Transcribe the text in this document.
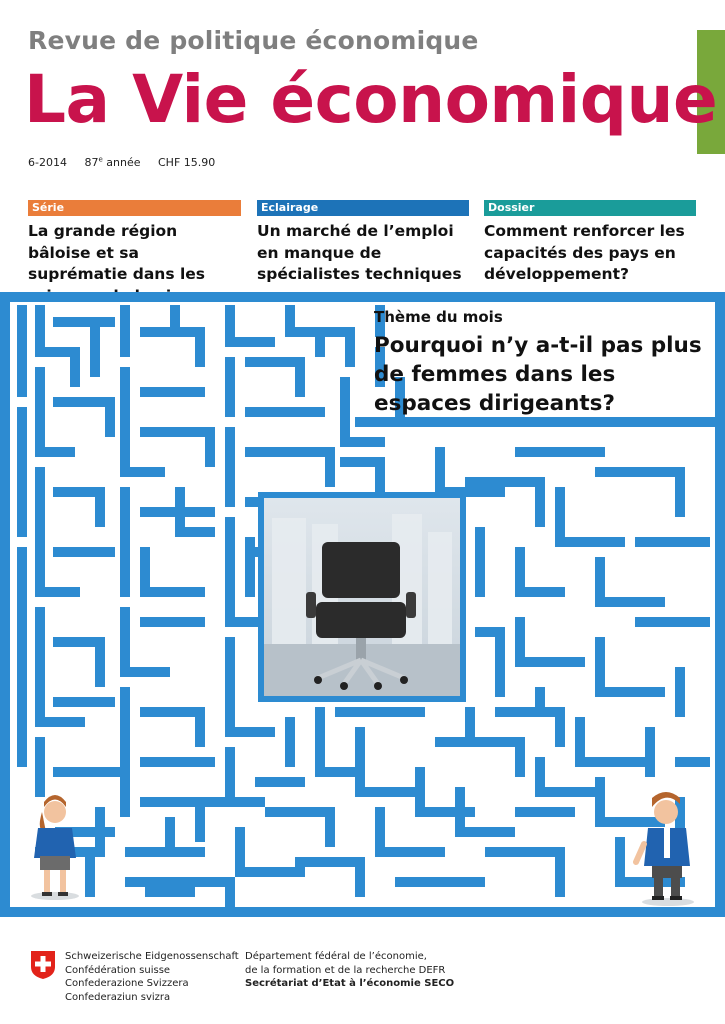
Revue de politique économique
La Vie économique
6-2014 87e année CHF 15.90
Série
La grande région bâloise et sa suprématie dans les sciences de la vie
Eclairage
Un marché de l’emploi en manque de spécialistes techniques
Dossier
Comment renforcer les capacités des pays en développement?
Thème du mois
Pourquoi n’y a-t-il pas plus de femmes dans les espaces dirigeants?
Schweizerische Eidgenossenschaft
Confédération suisse
Confederazione Svizzera
Confederaziun svizra
Département fédéral de l’économie,
de la formation et de la recherche DEFR
Secrétariat d’Etat à l’économie SECO
